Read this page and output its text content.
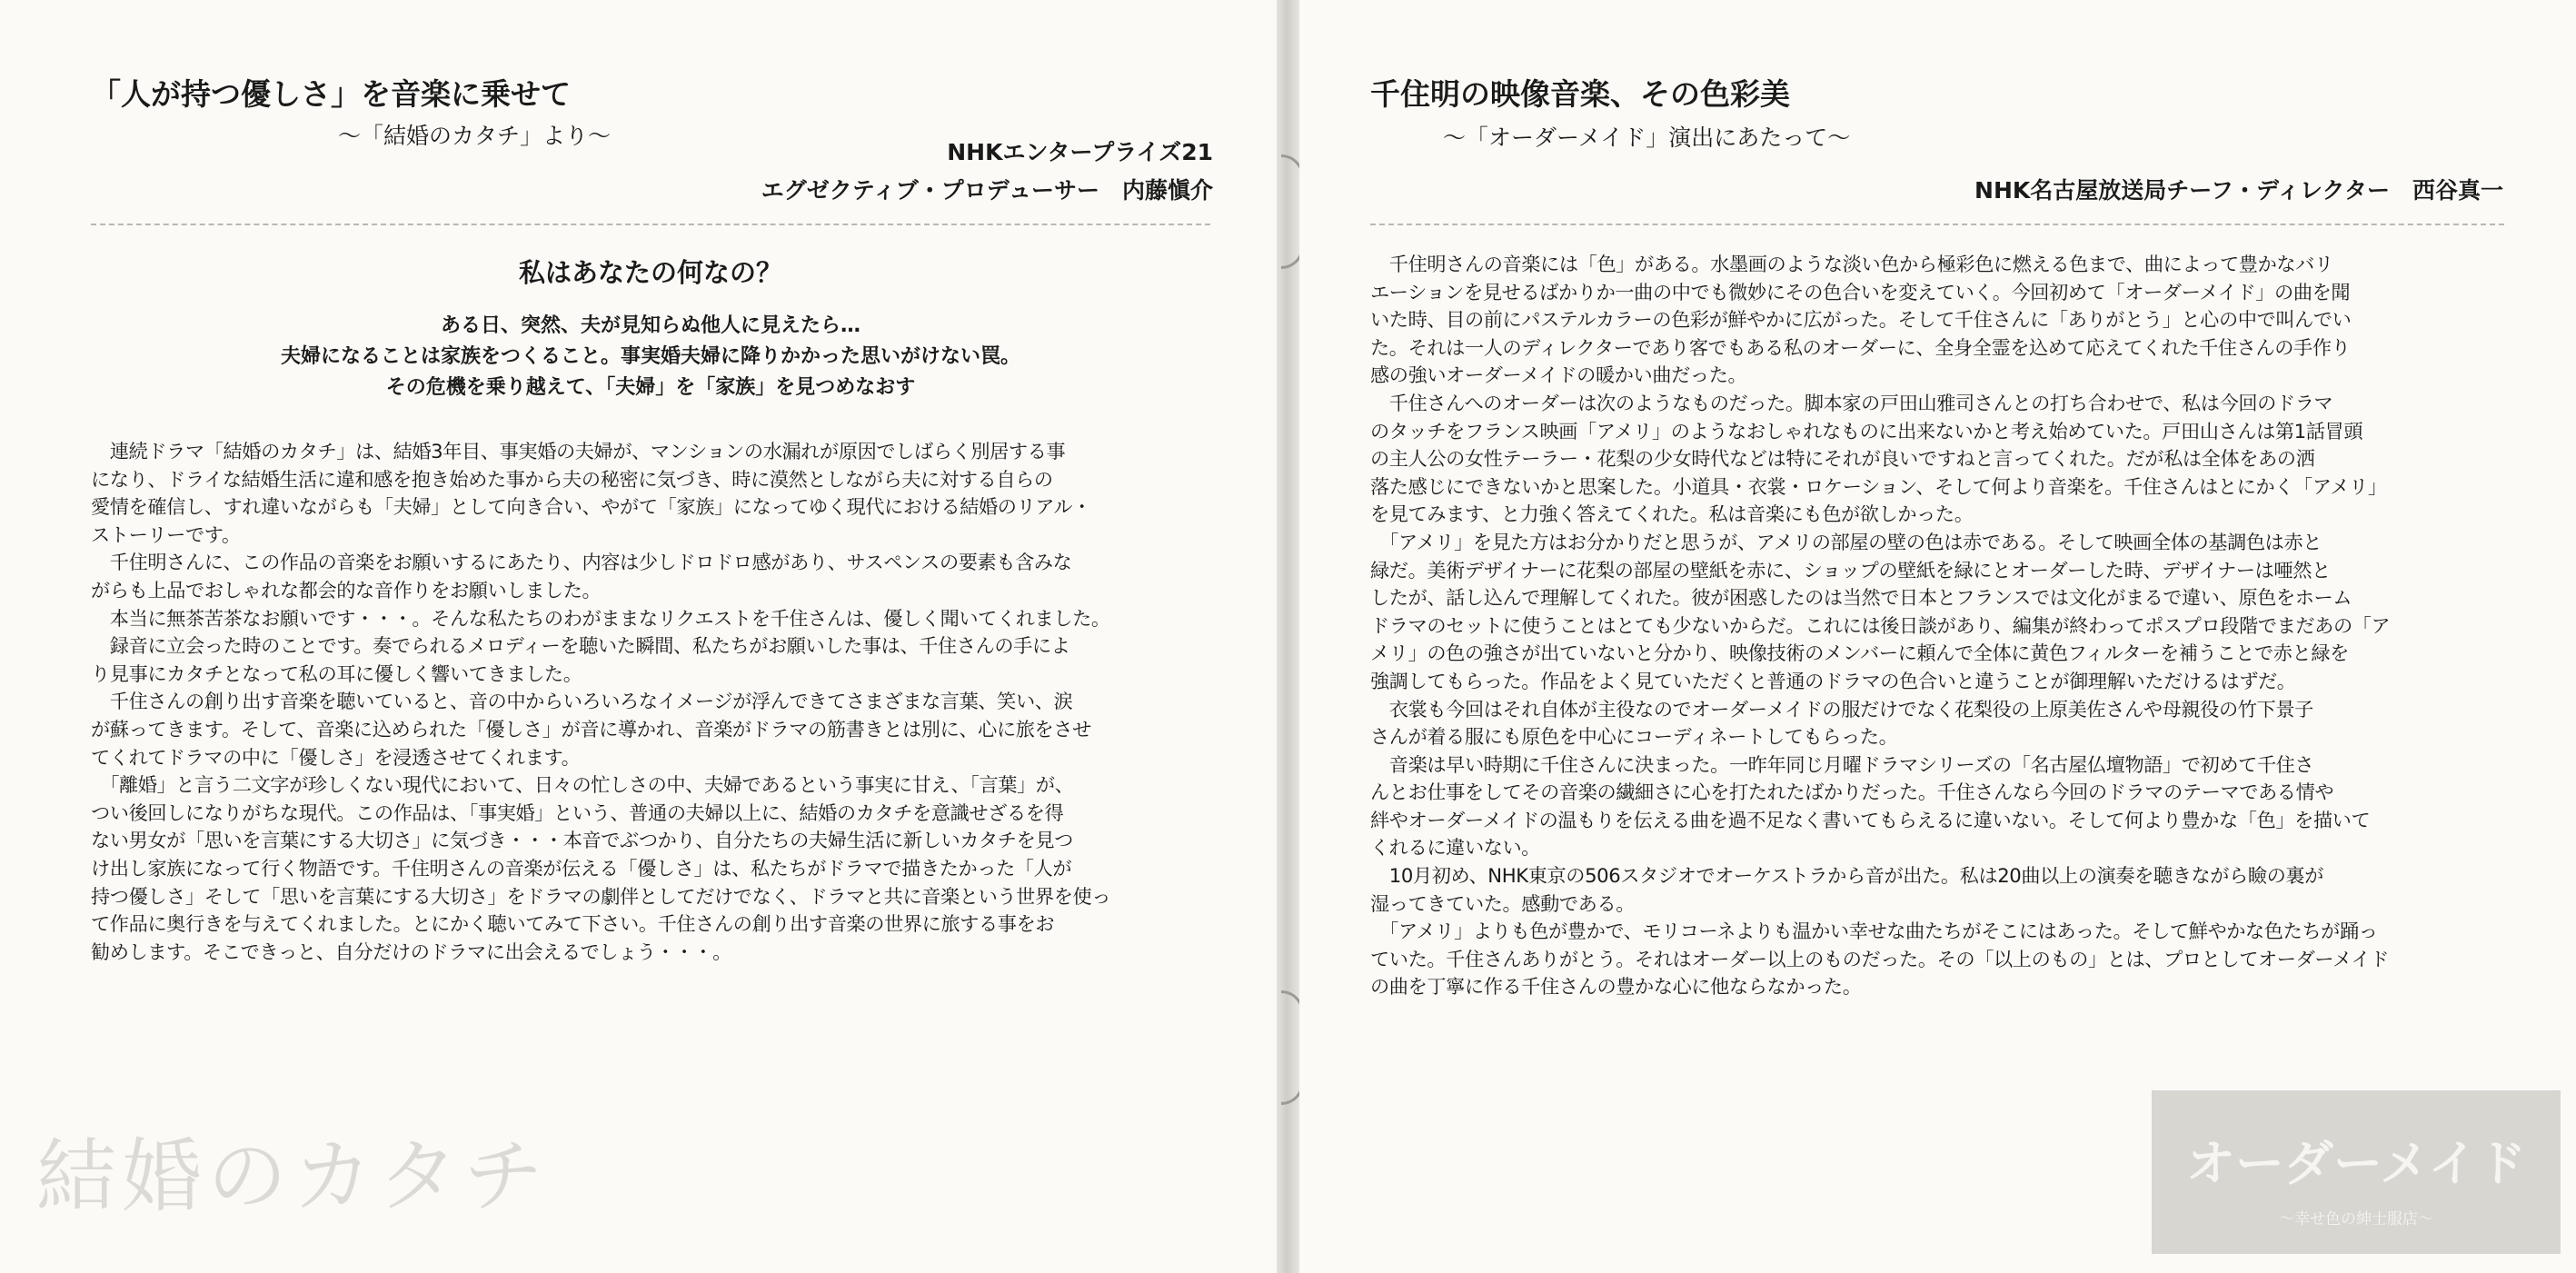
「人が持つ優しさ」を音楽に乗せて
〜「結婚のカタチ」より〜
NHKエンタープライズ21
エグゼクティブ・プロデューサー　内藤愼介
私はあなたの何なの？
ある日、突然、夫が見知らぬ他人に見えたら…
夫婦になることは家族をつくること。事実婚夫婦に降りかかった思いがけない罠。
その危機を乗り越えて、「夫婦」を「家族」を見つめなおす
　連続ドラマ「結婚のカタチ」は、結婚3年目、事実婚の夫婦が、マンションの水漏れが原因でしばらく別居する事
になり、ドライな結婚生活に違和感を抱き始めた事から夫の秘密に気づき、時に漠然としながら夫に対する自らの
愛情を確信し、すれ違いながらも「夫婦」として向き合い、やがて「家族」になってゆく現代における結婚のリアル・
ストーリーです。
　千住明さんに、この作品の音楽をお願いするにあたり、内容は少しドロドロ感があり、サスペンスの要素も含みな
がらも上品でおしゃれな都会的な音作りをお願いしました。
　本当に無茶苦茶なお願いです・・・。そんな私たちのわがままなリクエストを千住さんは、優しく聞いてくれました。
　録音に立会った時のことです。奏でられるメロディーを聴いた瞬間、私たちがお願いした事は、千住さんの手によ
り見事にカタチとなって私の耳に優しく響いてきました。
　千住さんの創り出す音楽を聴いていると、音の中からいろいろなイメージが浮んできてさまざまな言葉、笑い、涙
が蘇ってきます。そして、音楽に込められた「優しさ」が音に導かれ、音楽がドラマの筋書きとは別に、心に旅をさせ
てくれてドラマの中に「優しさ」を浸透させてくれます。
　「離婚」と言う二文字が珍しくない現代において、日々の忙しさの中、夫婦であるという事実に甘え、「言葉」が、
つい後回しになりがちな現代。この作品は、「事実婚」という、普通の夫婦以上に、結婚のカタチを意識せざるを得
ない男女が「思いを言葉にする大切さ」に気づき・・・本音でぶつかり、自分たちの夫婦生活に新しいカタチを見つ
け出し家族になって行く物語です。千住明さんの音楽が伝える「優しさ」は、私たちがドラマで描きたかった「人が
持つ優しさ」そして「思いを言葉にする大切さ」をドラマの劇伴としてだけでなく、ドラマと共に音楽という世界を使っ
て作品に奥行きを与えてくれました。とにかく聴いてみて下さい。千住さんの創り出す音楽の世界に旅する事をお
勧めします。そこできっと、自分だけのドラマに出会えるでしょう・・・。
結婚のカタチ
千住明の映像音楽、その色彩美
〜「オーダーメイド」演出にあたって〜
NHK名古屋放送局チーフ・ディレクター　西谷真一
　千住明さんの音楽には「色」がある。水墨画のような淡い色から極彩色に燃える色まで、曲によって豊かなバリ
エーションを見せるばかりか一曲の中でも微妙にその色合いを変えていく。今回初めて「オーダーメイド」の曲を聞
いた時、目の前にパステルカラーの色彩が鮮やかに広がった。そして千住さんに「ありがとう」と心の中で叫んでい
た。それは一人のディレクターであり客でもある私のオーダーに、全身全霊を込めて応えてくれた千住さんの手作り
感の強いオーダーメイドの暖かい曲だった。
　千住さんへのオーダーは次のようなものだった。脚本家の戸田山雅司さんとの打ち合わせで、私は今回のドラマ
のタッチをフランス映画「アメリ」のようなおしゃれなものに出来ないかと考え始めていた。戸田山さんは第1話冒頭
の主人公の女性テーラー・花梨の少女時代などは特にそれが良いですねと言ってくれた。だが私は全体をあの洒
落た感じにできないかと思案した。小道具・衣裳・ロケーション、そして何より音楽を。千住さんはとにかく「アメリ」
を見てみます、と力強く答えてくれた。私は音楽にも色が欲しかった。
　「アメリ」を見た方はお分かりだと思うが、アメリの部屋の壁の色は赤である。そして映画全体の基調色は赤と
緑だ。美術デザイナーに花梨の部屋の壁紙を赤に、ショップの壁紙を緑にとオーダーした時、デザイナーは唖然と
したが、話し込んで理解してくれた。彼が困惑したのは当然で日本とフランスでは文化がまるで違い、原色をホーム
ドラマのセットに使うことはとても少ないからだ。これには後日談があり、編集が終わってポスプロ段階でまだあの「ア
メリ」の色の強さが出ていないと分かり、映像技術のメンバーに頼んで全体に黄色フィルターを補うことで赤と緑を
強調してもらった。作品をよく見ていただくと普通のドラマの色合いと違うことが御理解いただけるはずだ。
　衣裳も今回はそれ自体が主役なのでオーダーメイドの服だけでなく花梨役の上原美佐さんや母親役の竹下景子
さんが着る服にも原色を中心にコーディネートしてもらった。
　音楽は早い時期に千住さんに決まった。一昨年同じ月曜ドラマシリーズの「名古屋仏壇物語」で初めて千住さ
んとお仕事をしてその音楽の繊細さに心を打たれたばかりだった。千住さんなら今回のドラマのテーマである情や
絆やオーダーメイドの温もりを伝える曲を過不足なく書いてもらえるに違いない。そして何より豊かな「色」を描いて
くれるに違いない。
　10月初め、NHK東京の506スタジオでオーケストラから音が出た。私は20曲以上の演奏を聴きながら瞼の裏が
湿ってきていた。感動である。
　「アメリ」よりも色が豊かで、モリコーネよりも温かい幸せな曲たちがそこにはあった。そして鮮やかな色たちが踊っ
ていた。千住さんありがとう。それはオーダー以上のものだった。その「以上のもの」とは、プロとしてオーダーメイド
の曲を丁寧に作る千住さんの豊かな心に他ならなかった。
オーダーメイド
〜幸せ色の紳士服店〜
